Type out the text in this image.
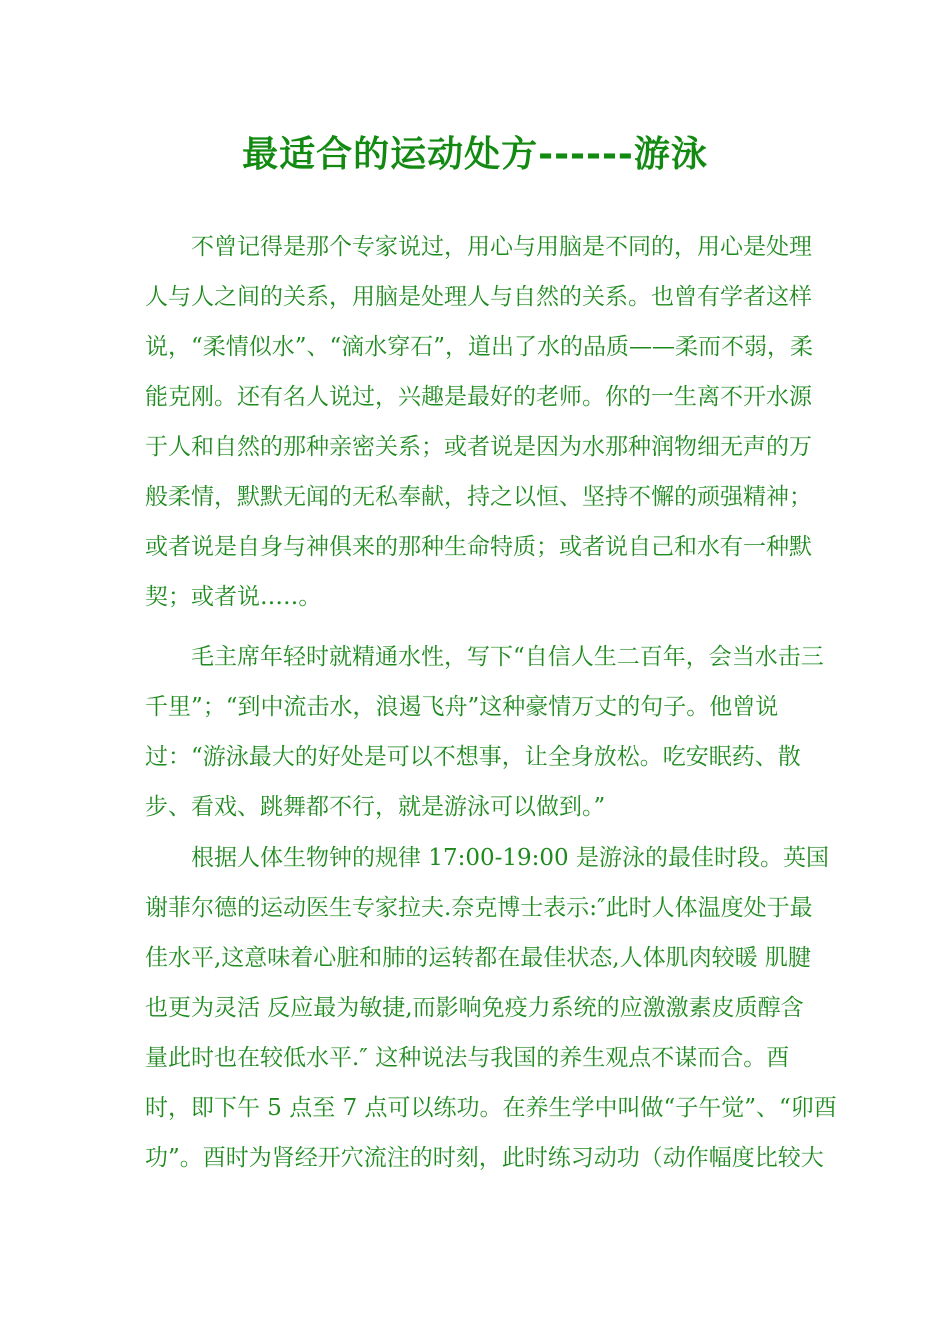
最适合的运动处方------游泳
　　不曾记得是那个专家说过，用心与用脑是不同的，用心是处理
人与人之间的关系，用脑是处理人与自然的关系。也曾有学者这样
说，“柔情似水”、“滴水穿石”，道出了水的品质——柔而不弱，柔
能克刚。还有名人说过，兴趣是最好的老师。你的一生离不开水源
于人和自然的那种亲密关系；或者说是因为水那种润物细无声的万
般柔情，默默无闻的无私奉献，持之以恒、坚持不懈的顽强精神；
或者说是自身与神俱来的那种生命特质；或者说自己和水有一种默
契；或者说…‥。
　　毛主席年轻时就精通水性，写下“自信人生二百年，会当水击三
千里”；“到中流击水，浪遏飞舟”这种豪情万丈的句子。他曾说
过：“游泳最大的好处是可以不想事，让全身放松。吃安眠药、散
步、看戏、跳舞都不行，就是游泳可以做到。”
　　根据人体生物钟的规律 17:00-19:00 是游泳的最佳时段。英国
谢菲尔德的运动医生专家拉夫.奈克博士表示:″此时人体温度处于最
佳水平,这意味着心脏和肺的运转都在最佳状态,人体肌肉较暖 肌腱
也更为灵活 反应最为敏捷,而影响免疫力系统的应激激素皮质醇含
量此时也在较低水平.″ 这种说法与我国的养生观点不谋而合。酉
时，即下午 5 点至 7 点可以练功。在养生学中叫做“子午觉”、“卯酉
功”。酉时为肾经开穴流注的时刻，此时练习动功（动作幅度比较大
